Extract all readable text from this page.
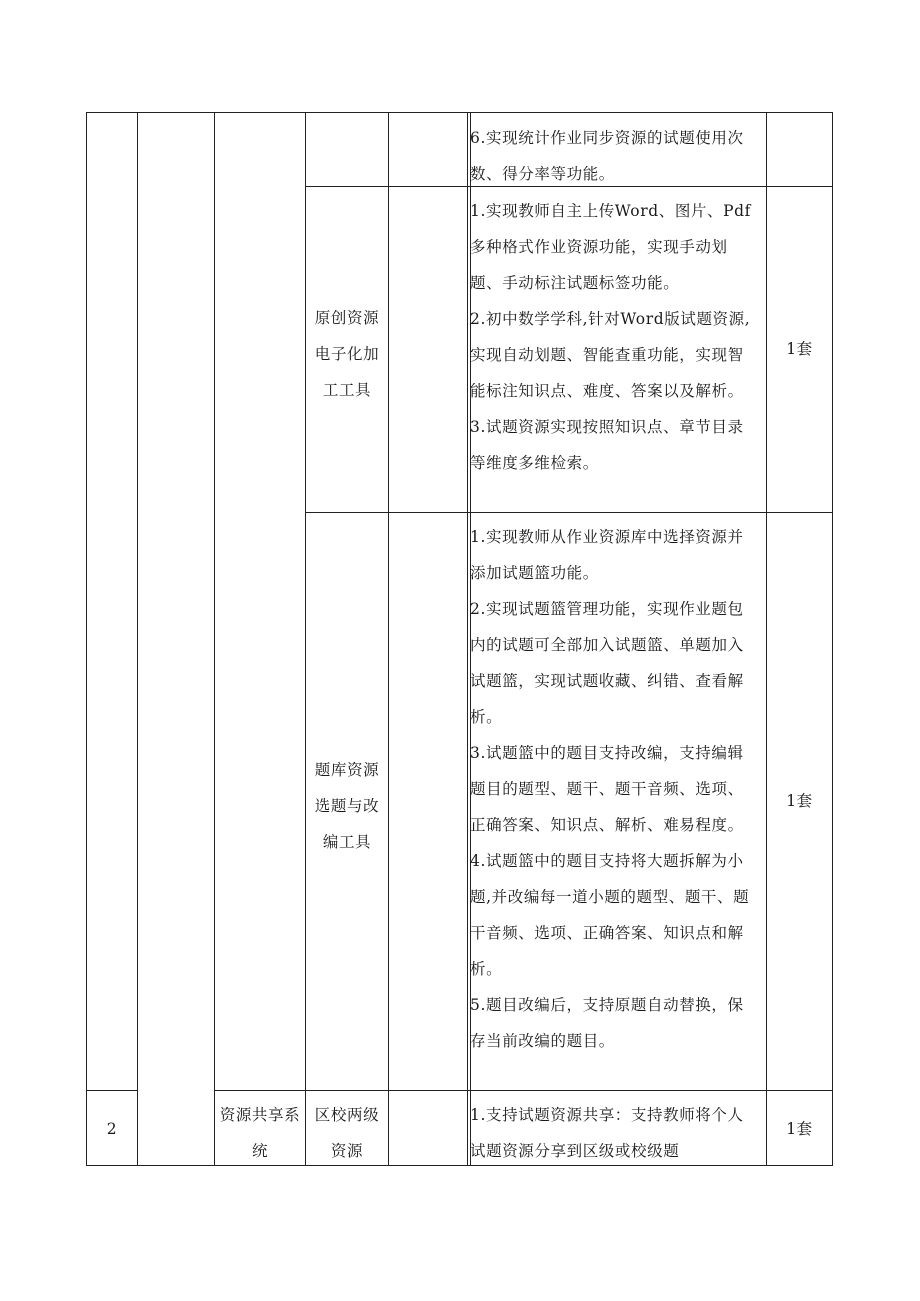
6.实现统计作业同步资源的试题使用次
数、得分率等功能。
原创资源
电子化加
工工具
1.实现教师自主上传Word、图片、Pdf
多种格式作业资源功能，实现手动划
题、手动标注试题标签功能。
2.初中数学学科,针对Word版试题资源,
实现自动划题、智能查重功能，实现智
能标注知识点、难度、答案以及解析。
3.试题资源实现按照知识点、章节目录
等维度多维检索。
1套
题库资源
选题与改
编工具
1.实现教师从作业资源库中选择资源并
添加试题篮功能。
2.实现试题篮管理功能，实现作业题包
内的试题可全部加入试题篮、单题加入
试题篮，实现试题收藏、纠错、查看解
析。
3.试题篮中的题目支持改编，支持编辑
题目的题型、题干、题干音频、选项、
正确答案、知识点、解析、难易程度。
4.试题篮中的题目支持将大题拆解为小
题,并改编每一道小题的题型、题干、题
干音频、选项、正确答案、知识点和解
析。
5.题目改编后，支持原题自动替换，保
存当前改编的题目。
1套
2
资源共享系
统
区校两级
资源
1.支持试题资源共享：支持教师将个人
试题资源分享到区级或校级题
1套
